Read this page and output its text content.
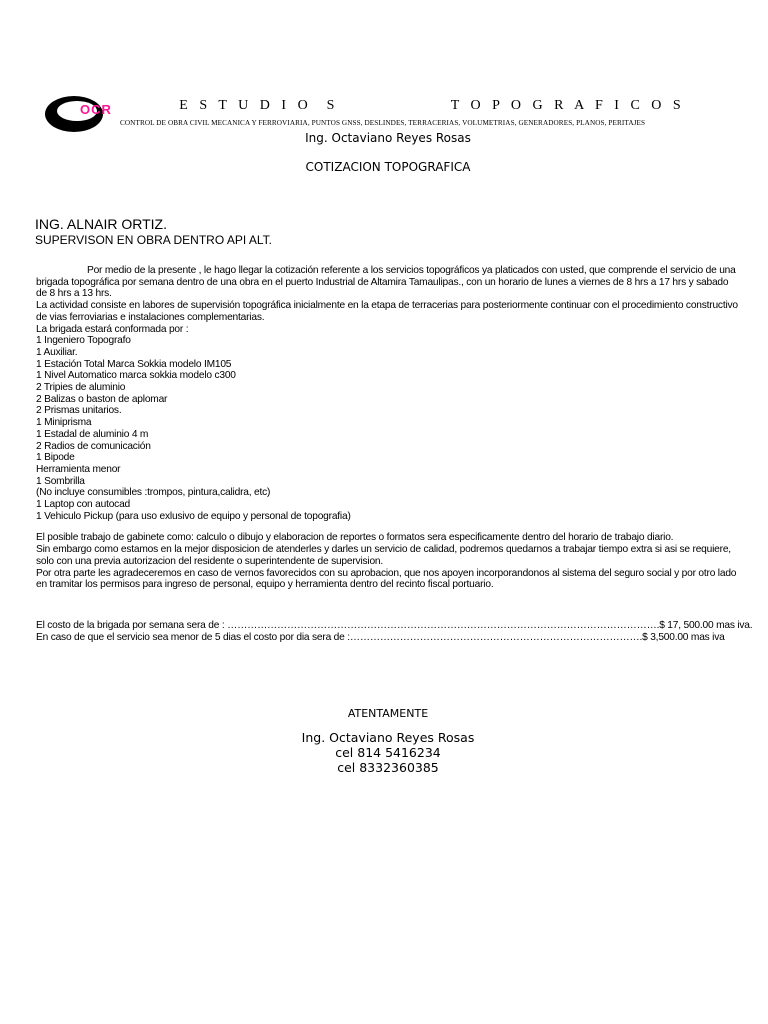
OCR	E S T U D I O  S               T O P O G R A F I C O S
CONTROL DE OBRA CIVIL MECANICA Y FERROVIARIA, PUNTOS GNSS, DESLINDES, TERRACERIAS, VOLUMETRIAS, GENERADORES, PLANOS, PERITAJES
Ing. Octaviano Reyes Rosas
COTIZACION TOPOGRAFICA
ING. ALNAIR ORTIZ.
SUPERVISON EN OBRA DENTRO API ALT.

Por medio de la presente , le hago llegar la cotización referente a los servicios topográficos ya platicados con usted, que comprende el servicio de una brigada topográfica por semana dentro de una obra en el puerto Industrial de Altamira Tamaulipas., con un horario de lunes a viernes de 8 hrs a 17 hrs y sabado de 8 hrs a 13 hrs.

La actividad consiste en labores de supervisión topográfica inicialmente en la etapa de terracerias para posteriormente continuar con el procedimiento constructivo de vias ferroviarias e instalaciones complementarias.

La brigada estará conformada por :

1 Ingeniero Topografo

1 Auxiliar.

1 Estación Total Marca Sokkia modelo IM105

1 Nivel Automatico marca sokkia modelo c300

2 Tripies de aluminio

2 Balizas o baston de aplomar

2 Prismas unitarios.

1 Miniprisma

1 Estadal de aluminio 4 m

2 Radios de comunicación

1 Bipode

Herramienta menor

1 Sombrilla

(No incluye consumibles :trompos, pintura,calidra, etc)

1 Laptop con autocad

1 Vehiculo Pickup (para uso exlusivo de equipo y personal de topografia)

El posible trabajo de gabinete como: calculo o dibujo y elaboracion de reportes o formatos sera especificamente dentro del horario de trabajo diario.

Sin embargo como estamos en la mejor disposicion de atenderles y darles un servicio de calidad, podremos quedarnos a trabajar tiempo extra si asi se requiere, solo con una previa autorizacion del residente o superintendente de supervision.

Por otra parte les agradeceremos en caso de vernos favorecidos con su aprobacion, que nos apoyen incorporandonos al sistema del seguro social y por otro lado en tramitar los permisos para ingreso de personal, equipo y herramienta dentro del recinto fiscal portuario.

El costo de la brigada por semana sera de : ………………………………………………………………………………………………………………….$ 17, 500.00 mas iva.

En caso de que el servicio sea menor de 5 dias el costo por dia sera de :…………………………………………………………………………….$ 3,500.00 mas iva

ATENTAMENTE
Ing. Octaviano Reyes Rosas
cel 814 5416234
cel 8332360385
